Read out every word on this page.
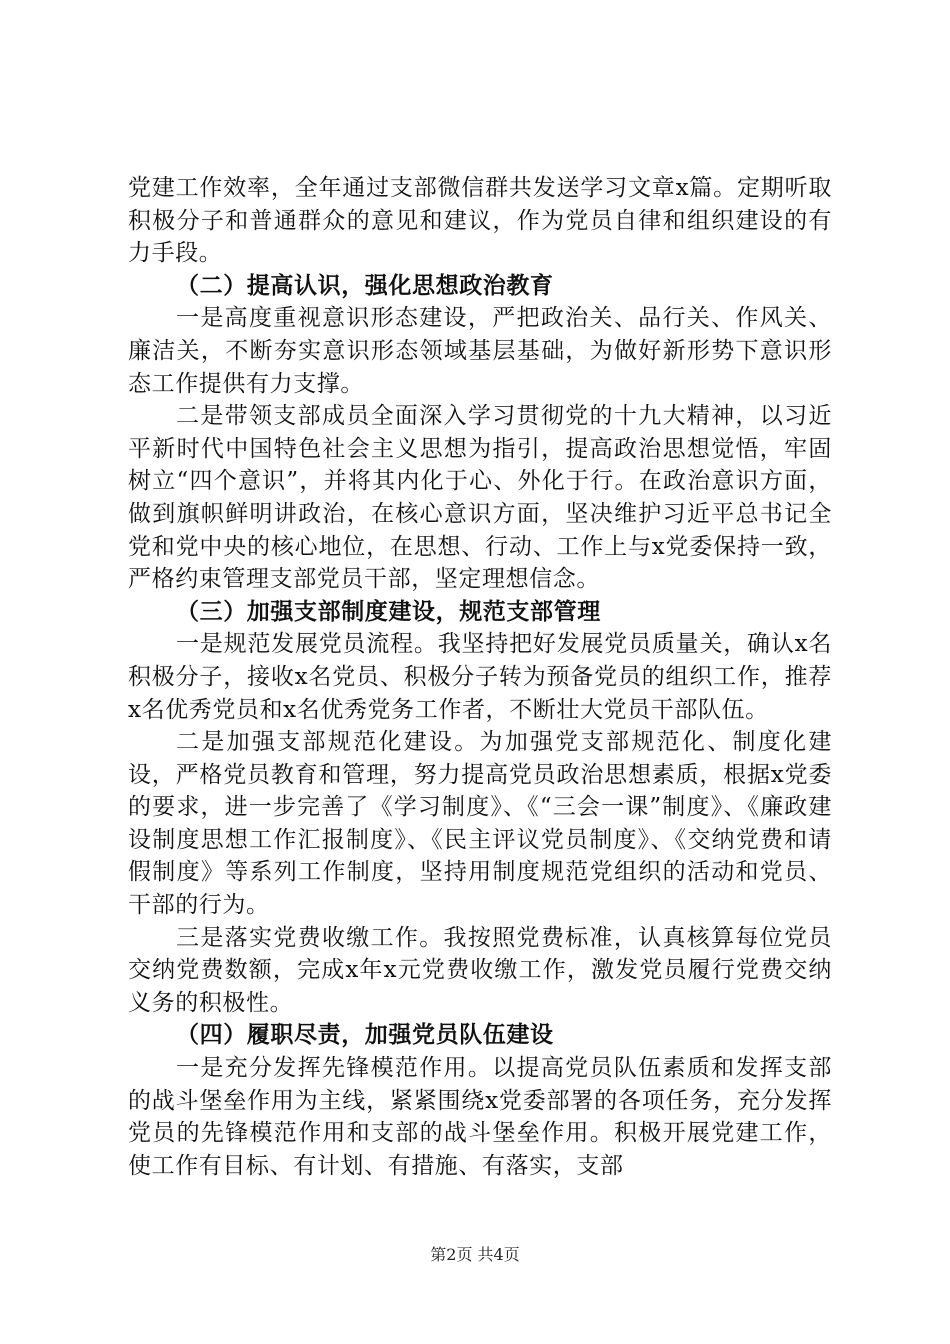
党建工作效率，全年通过支部微信群共发送学习文章x篇。定期听取积极分子和普通群众的意见和建议，作为党员自律和组织建设的有力手段。

（二）提高认识，强化思想政治教育

一是高度重视意识形态建设，严把政治关、品行关、作风关、廉洁关，不断夯实意识形态领域基层基础，为做好新形势下意识形态工作提供有力支撑。

二是带领支部成员全面深入学习贯彻党的十九大精神，以习近平新时代中国特色社会主义思想为指引，提高政治思想觉悟，牢固树立“四个意识”，并将其内化于心、外化于行。在政治意识方面，做到旗帜鲜明讲政治，在核心意识方面，坚决维护习近平总书记全党和党中央的核心地位，在思想、行动、工作上与x党委保持一致，严格约束管理支部党员干部，坚定理想信念。

（三）加强支部制度建设，规范支部管理

一是规范发展党员流程。我坚持把好发展党员质量关，确认x名积极分子，接收x名党员、积极分子转为预备党员的组织工作，推荐x名优秀党员和x名优秀党务工作者，不断壮大党员干部队伍。

二是加强支部规范化建设。为加强党支部规范化、制度化建设，严格党员教育和管理，努力提高党员政治思想素质，根据x党委的要求，进一步完善了《学习制度》、《“三会一课”制度》、《廉政建设制度思想工作汇报制度》、《民主评议党员制度》、《交纳党费和请假制度》等系列工作制度，坚持用制度规范党组织的活动和党员、干部的行为。

三是落实党费收缴工作。我按照党费标准，认真核算每位党员交纳党费数额，完成x年x元党费收缴工作，激发党员履行党费交纳义务的积极性。

（四）履职尽责，加强党员队伍建设

一是充分发挥先锋模范作用。以提高党员队伍素质和发挥支部的战斗堡垒作用为主线，紧紧围绕x党委部署的各项任务，充分发挥党员的先锋模范作用和支部的战斗堡垒作用。积极开展党建工作，使工作有目标、有计划、有措施、有落实，支部

第2页 共4页
